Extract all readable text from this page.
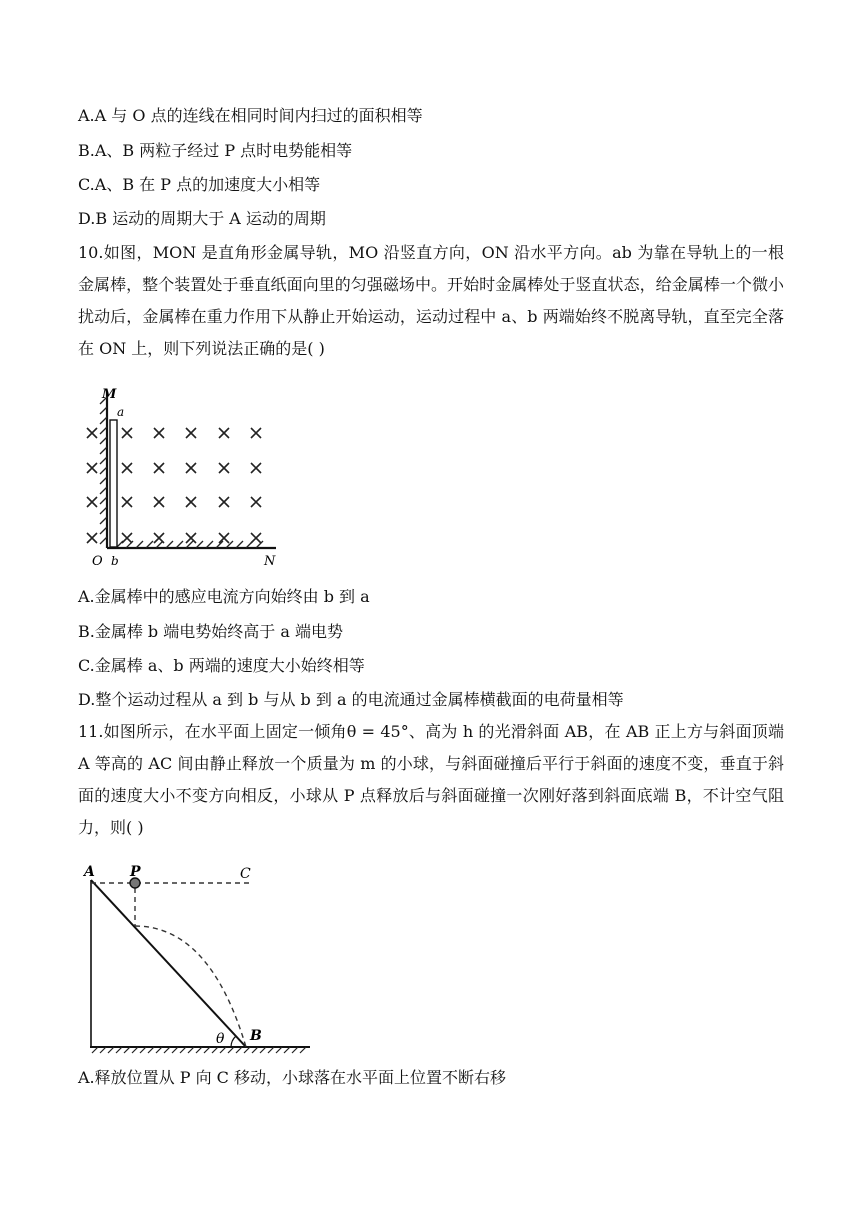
A.A 与 O 点的连线在相同时间内扫过的面积相等
B.A、B 两粒子经过 P 点时电势能相等
C.A、B 在 P 点的加速度大小相等
D.B 运动的周期大于 A 运动的周期
10.如图，MON 是直角形金属导轨，MO 沿竖直方向，ON 沿水平方向。ab 为靠在导轨上的一根金属棒，整个装置处于垂直纸面向里的匀强磁场中。开始时金属棒处于竖直状态，给金属棒一个微小扰动后，金属棒在重力作用下从静止开始运动，运动过程中 a、b 两端始终不脱离导轨，直至完全落在 ON 上，则下列说法正确的是( )
M
a
O b	N
A.金属棒中的感应电流方向始终由 b 到 a
B.金属棒 b 端电势始终高于 a 端电势
C.金属棒 a、b 两端的速度大小始终相等
D.整个运动过程从 a 到 b 与从 b 到 a 的电流通过金属棒横截面的电荷量相等
11.如图所示，在水平面上固定一倾角θ = 45°、高为 h 的光滑斜面 AB，在 AB 正上方与斜面顶端 A 等高的 AC 间由静止释放一个质量为 m 的小球，与斜面碰撞后平行于斜面的速度不变，垂直于斜面的速度大小不变方向相反，小球从 P 点释放后与斜面碰撞一次刚好落到斜面底端 B，不计空气阻力，则( )
A	P	C
θ B
A.释放位置从 P 向 C 移动，小球落在水平面上位置不断右移
